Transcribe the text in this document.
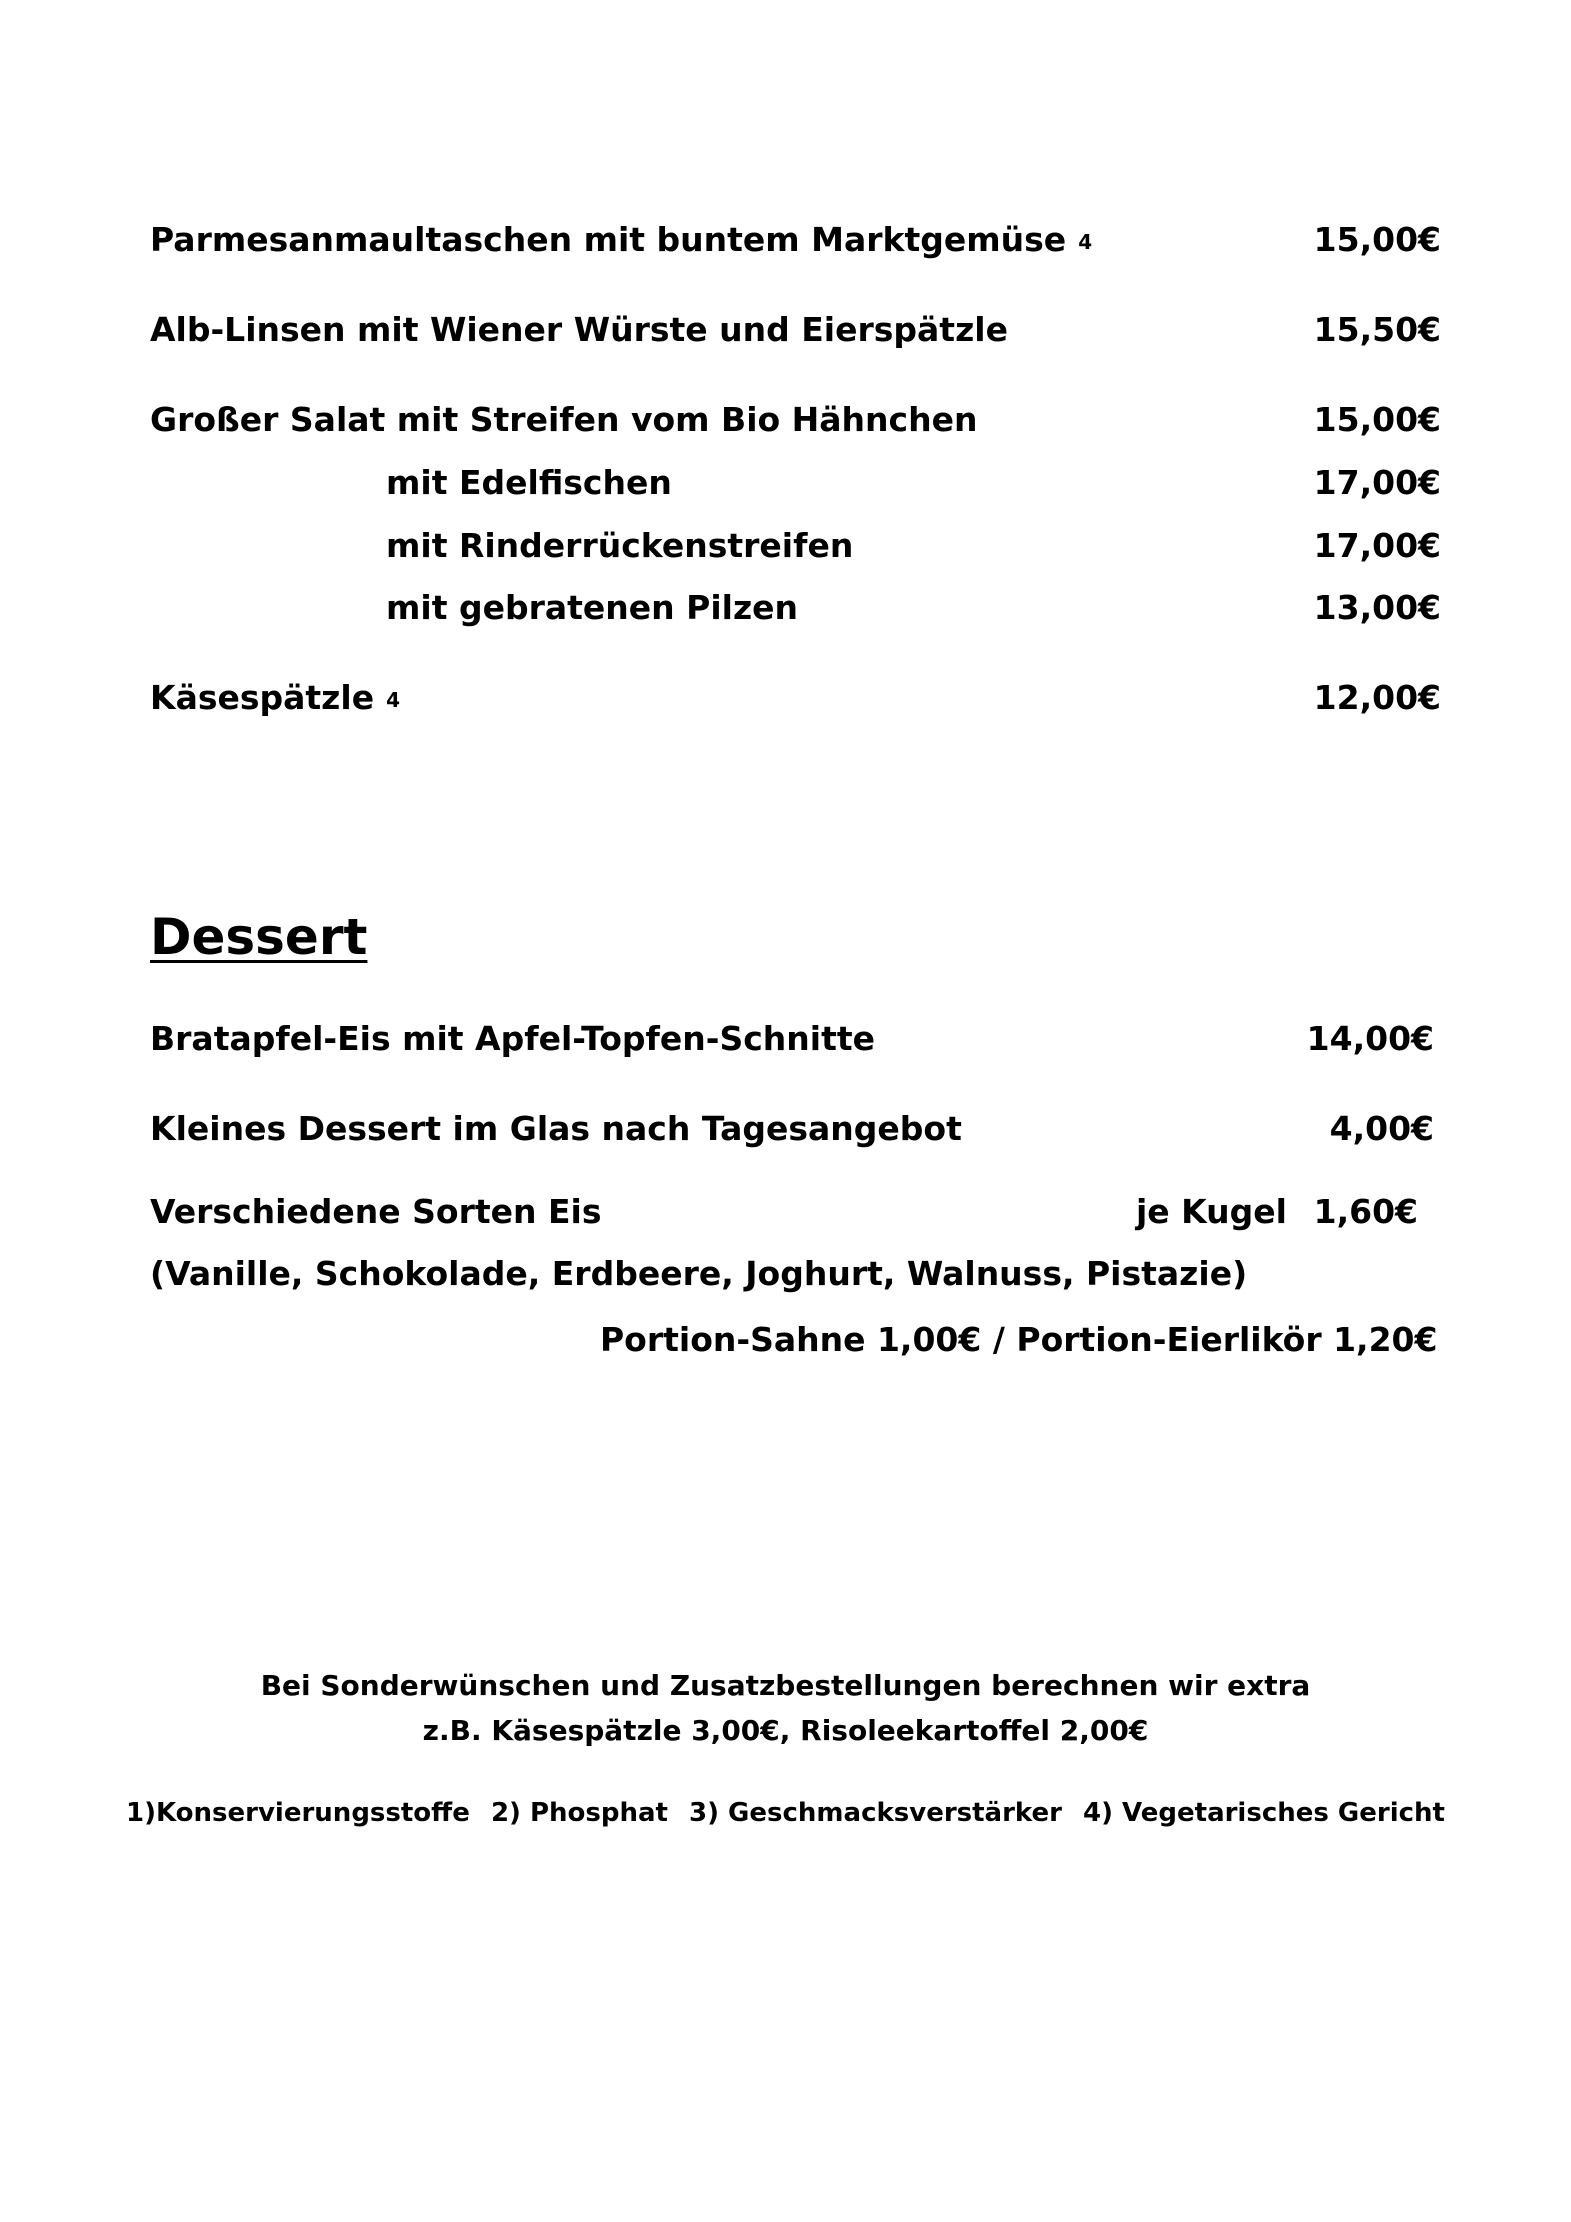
Parmesanmaultaschen mit buntem Marktgemüse 4	15,00€
Alb-Linsen mit Wiener Würste und Eierspätzle	15,50€
Großer Salat mit Streifen vom Bio Hähnchen	15,00€
mit Edelfischen	17,00€
mit Rinderrückenstreifen	17,00€
mit gebratenen Pilzen	13,00€
Käsespätzle 4	12,00€
Dessert
Bratapfel-Eis mit Apfel-Topfen-Schnitte	14,00€
Kleines Dessert im Glas nach Tagesangebot	4,00€
Verschiedene Sorten Eis	je Kugel 1,60€
(Vanille, Schokolade, Erdbeere, Joghurt, Walnuss, Pistazie)
Portion-Sahne 1,00€ / Portion-Eierlikör 1,20€
Bei Sonderwünschen und Zusatzbestellungen berechnen wir extra
z.B. Käsespätzle 3,00€, Risoleekartoffel 2,00€
1)Konservierungsstoffe 2) Phosphat 3) Geschmacksverstärker 4) Vegetarisches Gericht
